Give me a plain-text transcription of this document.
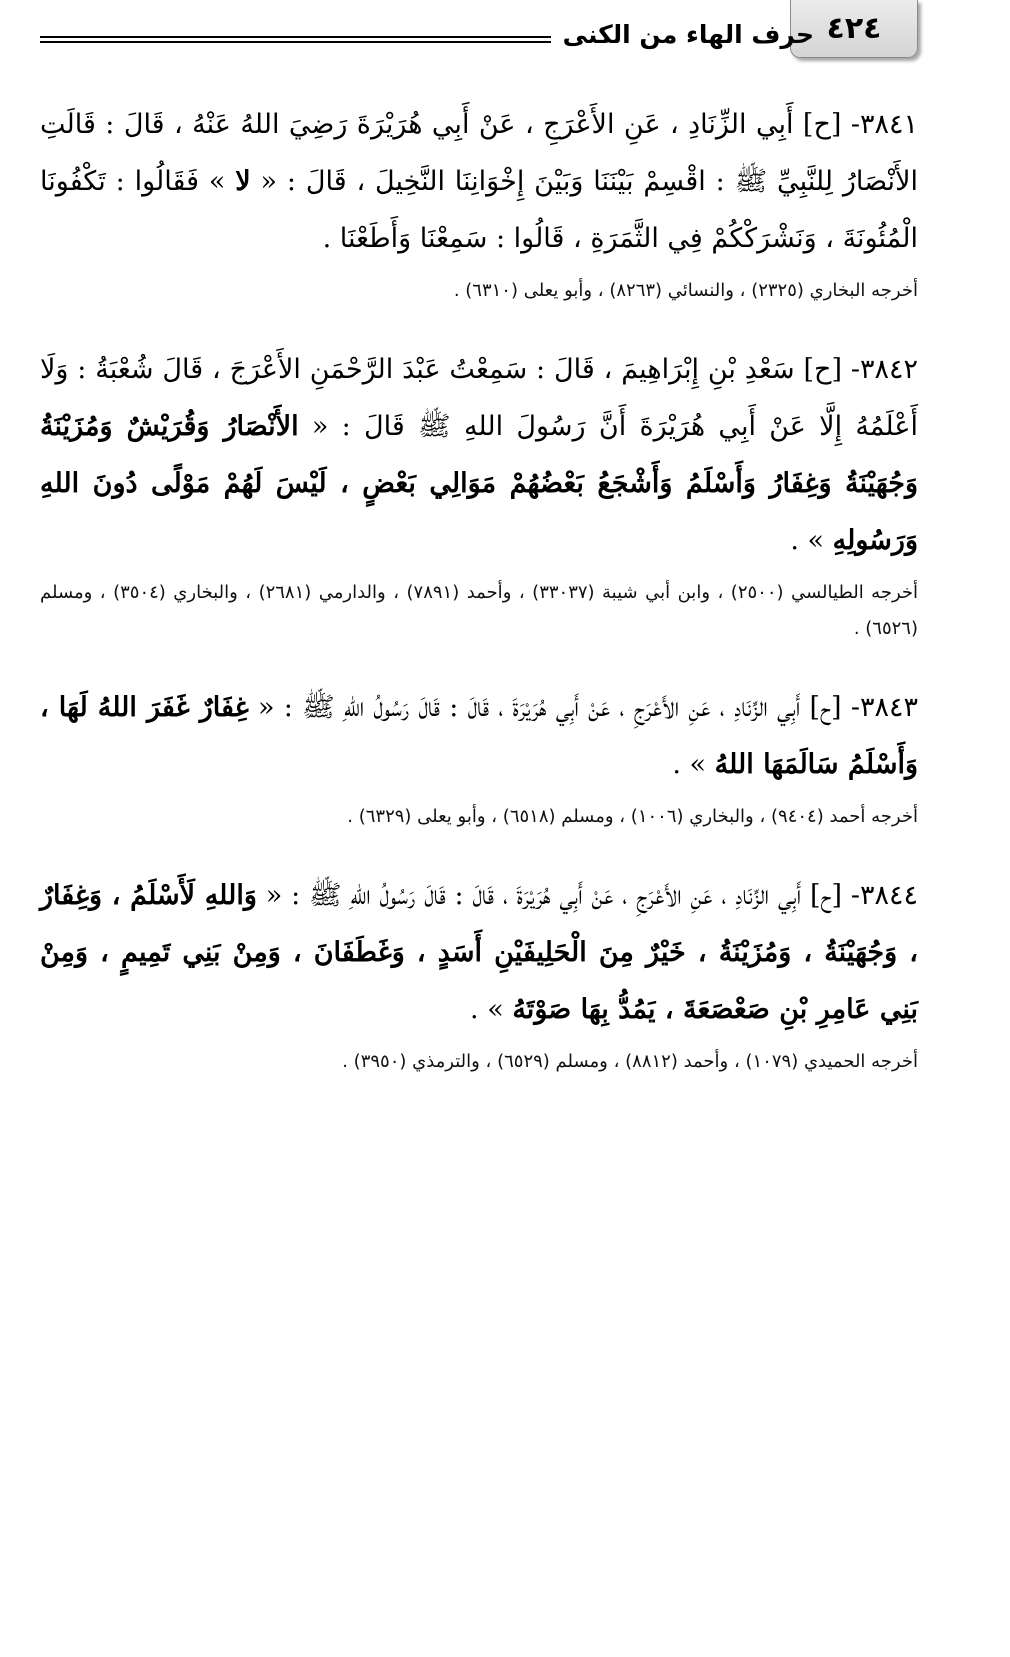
٤٢٤
حرف الهاء من الكنى

٣٨٤١- [ح] أَبِي الزِّنَادِ ، عَنِ الأَعْرَجِ ، عَنْ أَبِي هُرَيْرَةَ رَضِيَ اللهُ عَنْهُ ، قَالَ : قَالَتِ الأَنْصَارُ لِلنَّبِيِّ ﷺ : اقْسِمْ بَيْنَنَا وَبَيْنَ إِخْوَانِنَا النَّخِيلَ ، قَالَ : « لا » فَقَالُوا : تَكْفُونَا الْمُئُونَةَ ، وَنَشْرَكْكُمْ فِي الثَّمَرَةِ ، قَالُوا : سَمِعْنَا وَأَطَعْنَا .

أخرجه البخاري (٢٣٢٥) ، والنسائي (٨٢٦٣) ، وأبو يعلى (٦٣١٠) .

٣٨٤٢- [ح] سَعْدِ بْنِ إِبْرَاهِيمَ ، قَالَ : سَمِعْتُ عَبْدَ الرَّحْمَنِ الأَعْرَجَ ، قَالَ شُعْبَةُ : وَلَا أَعْلَمُهُ إِلَّا عَنْ أَبِي هُرَيْرَةَ أَنَّ رَسُولَ اللهِ ﷺ قَالَ : « الأَنْصَارُ وَقُرَيْشٌ وَمُزَيْنَةُ وَجُهَيْنَةُ وَغِفَارُ وَأَسْلَمُ وَأَشْجَعُ بَعْضُهُمْ مَوَالِي بَعْضٍ ، لَيْسَ لَهُمْ مَوْلًى دُونَ اللهِ وَرَسُولِهِ » .

أخرجه الطيالسي (٢٥٠٠) ، وابن أبي شيبة (٣٣٠٣٧) ، وأحمد (٧٨٩١) ، والدارمي (٢٦٨١) ، والبخاري (٣٥٠٤) ، ومسلم (٦٥٢٦) .

٣٨٤٣- [ح] أَبِي الزِّنَادِ ، عَنِ الأَعْرَجِ ، عَنْ أَبِي هُرَيْرَةَ ، قَالَ : قَالَ رَسُولُ اللهِ ﷺ : « غِفَارٌ غَفَرَ اللهُ لَهَا ، وَأَسْلَمُ سَالَمَهَا اللهُ » .

أخرجه أحمد (٩٤٠٤) ، والبخاري (١٠٠٦) ، ومسلم (٦٥١٨) ، وأبو يعلى (٦٣٢٩) .

٣٨٤٤- [ح] أَبِي الزِّنَادِ ، عَنِ الأَعْرَجِ ، عَنْ أَبِي هُرَيْرَةَ ، قَالَ : قَالَ رَسُولُ اللهِ ﷺ : « وَاللهِ لَأَسْلَمُ ، وَغِفَارٌ ، وَجُهَيْنَةُ ، وَمُزَيْنَةُ ، خَيْرٌ مِنَ الْحَلِيفَيْنِ أَسَدٍ ، وَغَطَفَانَ ، وَمِنْ بَنِي تَمِيمٍ ، وَمِنْ بَنِي عَامِرِ بْنِ صَعْصَعَةَ ، يَمُدُّ بِهَا صَوْتَهُ » .

أخرجه الحميدي (١٠٧٩) ، وأحمد (٨٨١٢) ، ومسلم (٦٥٢٩) ، والترمذي (٣٩٥٠) .
